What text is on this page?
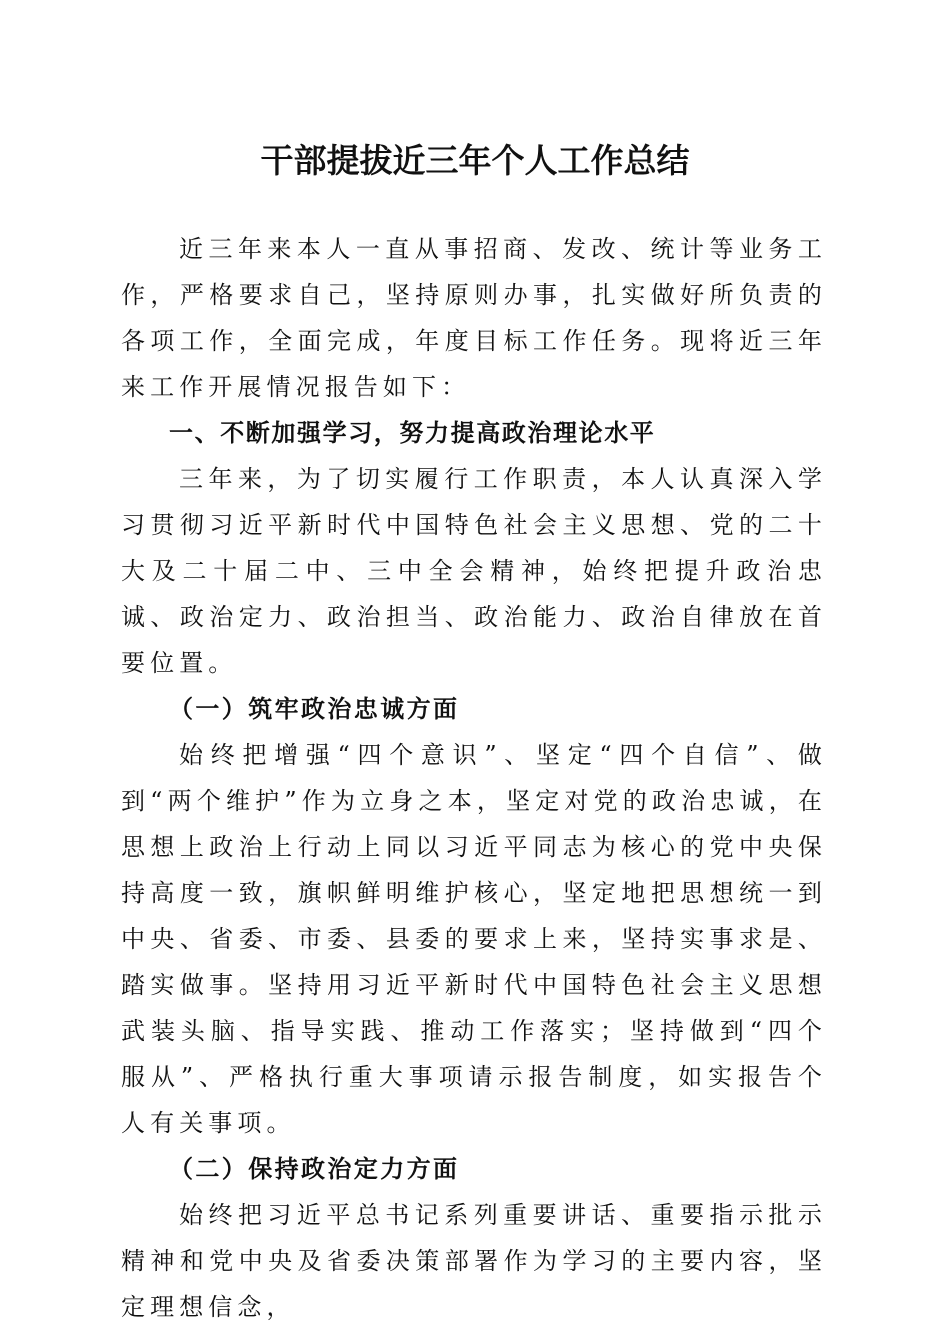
干部提拔近三年个人工作总结

近三年来本人一直从事招商、发改、统计等业务工作，严格要求自己，坚持原则办事，扎实做好所负责的各项工作，全面完成，年度目标工作任务。现将近三年来工作开展情况报告如下：

一、不断加强学习，努力提高政治理论水平

三年来，为了切实履行工作职责，本人认真深入学习贯彻习近平新时代中国特色社会主义思想、党的二十大及二十届二中、三中全会精神，始终把提升政治忠诚、政治定力、政治担当、政治能力、政治自律放在首要位置。

（一）筑牢政治忠诚方面

始终把增强“四个意识”、坚定“四个自信”、做到“两个维护”作为立身之本，坚定对党的政治忠诚，在思想上政治上行动上同以习近平同志为核心的党中央保持高度一致，旗帜鲜明维护核心，坚定地把思想统一到中央、省委、市委、县委的要求上来，坚持实事求是、踏实做事。坚持用习近平新时代中国特色社会主义思想武装头脑、指导实践、推动工作落实；坚持做到“四个服从”、严格执行重大事项请示报告制度，如实报告个人有关事项。

（二）保持政治定力方面

始终把习近平总书记系列重要讲话、重要指示批示精神和党中央及省委决策部署作为学习的主要内容，坚定理想信念，
